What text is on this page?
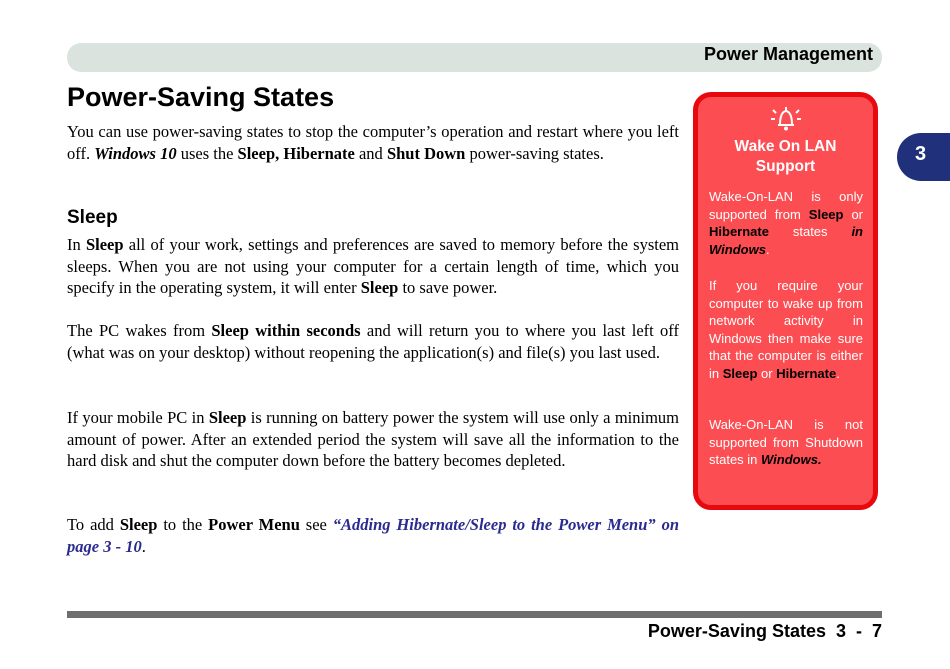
Power Management
Power-Saving States

You can use power-saving states to stop the computer’s operation and restart where you left off. Windows 10 uses the Sleep, Hibernate and Shut Down power-saving states.

Sleep

In Sleep all of your work, settings and preferences are saved to memory before the system sleeps. When you are not using your computer for a certain length of time, which you specify in the operating system, it will enter Sleep to save power.

The PC wakes from Sleep within seconds and will return you to where you last left off (what was on your desktop) without reopening the application(s) and file(s) you last used.

If your mobile PC in Sleep is running on battery power the system will use only a minimum amount of power. After an extended period the system will save all the information to the hard disk and shut the computer down before the battery becomes depleted.

To add Sleep to the Power Menu see “Adding Hibernate/Sleep to the Power Menu” on page 3 - 10.

Wake On LAN Support

Wake-On-LAN is only supported from Sleep or Hibernate states in Windows.

If you require your computer to wake up from network activity in Windows then make sure that the computer is either in Sleep or Hibernate.

Wake-On-LAN is not supported from Shutdown states in Windows.

3
Power-Saving States  3  -  7
